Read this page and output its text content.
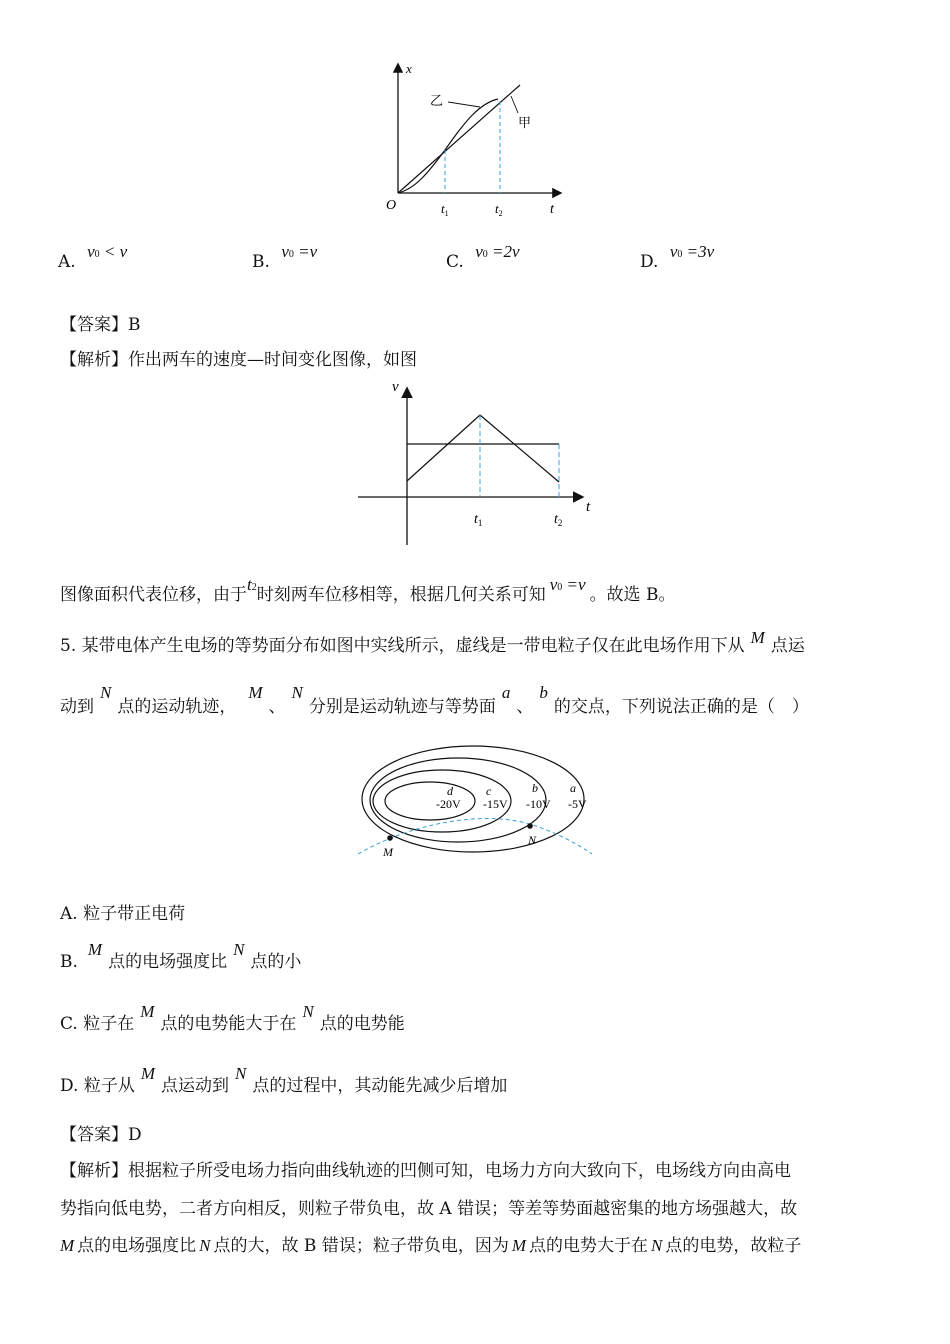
x
t
O	$t_1$	$t_2$
乙
甲
A. v0 < v
B. v0 =v
C. v0 =2v
D. v0 =3v
【答案】B
【解析】作出两车的速度—时间变化图像，如图
v
t
$t_1$	$t_2$
图像面积代表位移，由于t2时刻两车位移相等，根据几何关系可知v0 =v。故选 B。
5. 某带电体产生电场的等势面分布如图中实线所示，虚线是一带电粒子仅在此电场作用下从 M 点运
动到N点的运动轨迹，M、N分别是运动轨迹与等势面a、b的交点，下列说法正确的是（　）
d
-20V
c
-15V
b
-10V
a
-5V
M
N
A. 粒子带正电荷
B.M点的电场强度比N点的小
C. 粒子在M点的电势能大于在N点的电势能
D. 粒子从M点运动到N点的过程中，其动能先减少后增加
【答案】D
【解析】根据粒子所受电场力指向曲线轨迹的凹侧可知，电场力方向大致向下，电场线方向由高电
势指向低电势，二者方向相反，则粒子带负电，故 A 错误；等差等势面越密集的地方场强越大，故
M 点的电场强度比 N 点的大，故 B 错误；粒子带负电，因为 M 点的电势大于在 N 点的电势，故粒子
